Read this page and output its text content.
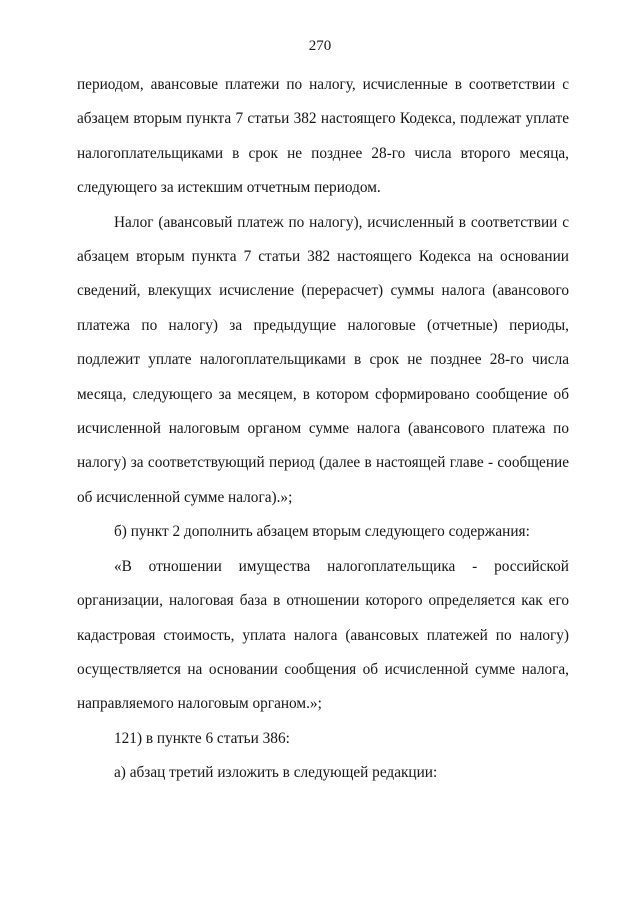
270

периодом, авансовые платежи по налогу, исчисленные в соответствии с абзацем вторым пункта 7 статьи 382 настоящего Кодекса, подлежат уплате налогоплательщиками в срок не позднее 28-го числа второго месяца, следующего за истекшим отчетным периодом.

Налог (авансовый платеж по налогу), исчисленный в соответствии с абзацем вторым пункта 7 статьи 382 настоящего Кодекса на основании сведений, влекущих исчисление (перерасчет) суммы налога (авансового платежа по налогу) за предыдущие налоговые (отчетные) периоды, подлежит уплате налогоплательщиками в срок не позднее 28-го числа месяца, следующего за месяцем, в котором сформировано сообщение об исчисленной налоговым органом сумме налога (авансового платежа по налогу) за соответствующий период (далее в настоящей главе - сообщение об исчисленной сумме налога).»;

б) пункт 2 дополнить абзацем вторым следующего содержания:

«В отношении имущества налогоплательщика - российской организации, налоговая база в отношении которого определяется как его кадастровая стоимость, уплата налога (авансовых платежей по налогу) осуществляется на основании сообщения об исчисленной сумме налога, направляемого налоговым органом.»;

121) в пункте 6 статьи 386:

а) абзац третий изложить в следующей редакции:
